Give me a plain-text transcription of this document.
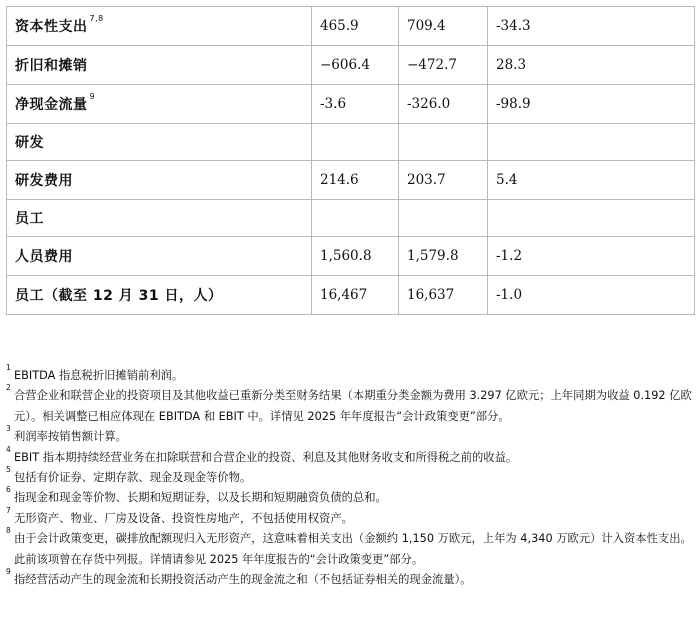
资本性支出$^{7,8}$	465.9	709.4	-34.3
折旧和摊销	−606.4	−472.7	28.3
净现金流量$^9$	-3.6	-326.0	-98.9
研发			
研发费用	214.6	203.7	5.4
员工			
人员费用	1,560.8	1,579.8	-1.2
员工（截至 12 月 31 日，人）	16,467	16,637	-1.0
1
EBITDA 指息税折旧摊销前利润。
2
合营企业和联营企业的投资项目及其他收益已重新分类至财务结果（本期重分类金额为费用 3.297 亿欧元；上年同期为收益 0.192 亿欧元）。相关调整已相应体现在 EBITDA 和 EBIT 中。详情见 2025 年年度报告“会计政策变更”部分。
3
利润率按销售额计算。
4
EBIT 指本期持续经营业务在扣除联营和合营企业的投资、利息及其他财务收支和所得税之前的收益。
5
包括有价证券、定期存款、现金及现金等价物。
6
指现金和现金等价物、长期和短期证券，以及长期和短期融资负债的总和。
7
无形资产、物业、厂房及设备、投资性房地产，不包括使用权资产。
8
由于会计政策变更，碳排放配额现归入无形资产，这意味着相关支出（金额约 1,150 万欧元，上年为 4,340 万欧元）计入资本性支出。此前该项曾在存货中列报。详情请参见 2025 年年度报告的“会计政策变更”部分。
9
指经营活动产生的现金流和长期投资活动产生的现金流之和（不包括证券相关的现金流量）。
